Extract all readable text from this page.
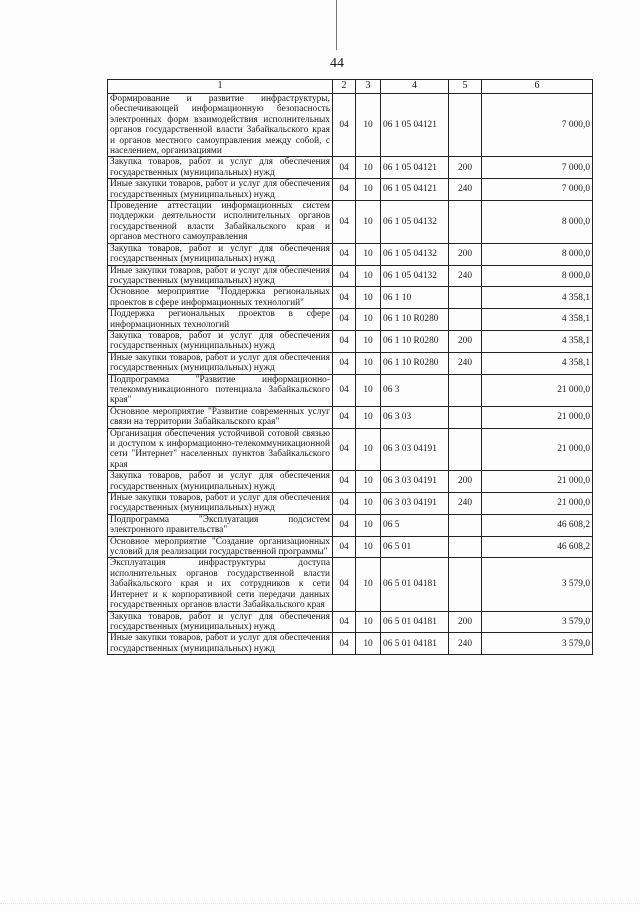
44
1	2	3	4	5	6
Формирование и развитие инфраструктуры, обеспечивающей информационную безопасность электронных форм взаимодействия исполнительных органов государственной власти Забайкальского края и органов местного самоуправления между собой, с населением, организациями	04	10	06 1 05 04121		7 000,0
Закупка товаров, работ и услуг для обеспечения государственных (муниципальных) нужд	04	10	06 1 05 04121	200	7 000,0
Иные закупки товаров, работ и услуг для обеспечения государственных (муниципальных) нужд	04	10	06 1 05 04121	240	7 000,0
Проведение аттестации информационных систем поддержки деятельности исполнительных органов государственной власти Забайкальского края и органов местного самоуправления	04	10	06 1 05 04132		8 000,0
Закупка товаров, работ и услуг для обеспечения государственных (муниципальных) нужд	04	10	06 1 05 04132	200	8 000,0
Иные закупки товаров, работ и услуг для обеспечения государственных (муниципальных) нужд	04	10	06 1 05 04132	240	8 000,0
Основное мероприятие "Поддержка региональных проектов в сфере информационных технологий"	04	10	06 1 10		4 358,1
Поддержка региональных проектов в сфере информационных технологий	04	10	06 1 10 R0280		4 358,1
Закупка товаров, работ и услуг для обеспечения государственных (муниципальных) нужд	04	10	06 1 10 R0280	200	4 358,1
Иные закупки товаров, работ и услуг для обеспечения государственных (муниципальных) нужд	04	10	06 1 10 R0280	240	4 358,1
Подпрограмма "Развитие информационно-телекоммуникационного потенциала Забайкальского края"	04	10	06 3		21 000,0
Основное мероприятие "Развитие современных услуг связи на территории Забайкальского края"	04	10	06 3 03		21 000,0
Организация обеспечения устойчивой сотовой связью и доступом к информационно-телекоммуникационной сети "Интернет" населенных пунктов Забайкальского края	04	10	06 3 03 04191		21 000,0
Закупка товаров, работ и услуг для обеспечения государственных (муниципальных) нужд	04	10	06 3 03 04191	200	21 000,0
Иные закупки товаров, работ и услуг для обеспечения государственных (муниципальных) нужд	04	10	06 3 03 04191	240	21 000,0
Подпрограмма "Эксплуатация подсистем электронного правительства"	04	10	06 5		46 608,2
Основное мероприятие "Создание организационных условий для реализации государственной программы"	04	10	06 5 01		46 608,2
Эксплуатация инфраструктуры доступа исполнительных органов государственной власти Забайкальского края и их сотрудников к сети Интернет и к корпоративной сети передачи данных государственных органов власти Забайкальского края	04	10	06 5 01 04181		3 579,0
Закупка товаров, работ и услуг для обеспечения государственных (муниципальных) нужд	04	10	06 5 01 04181	200	3 579,0
Иные закупки товаров, работ и услуг для обеспечения государственных (муниципальных) нужд	04	10	06 5 01 04181	240	3 579,0
